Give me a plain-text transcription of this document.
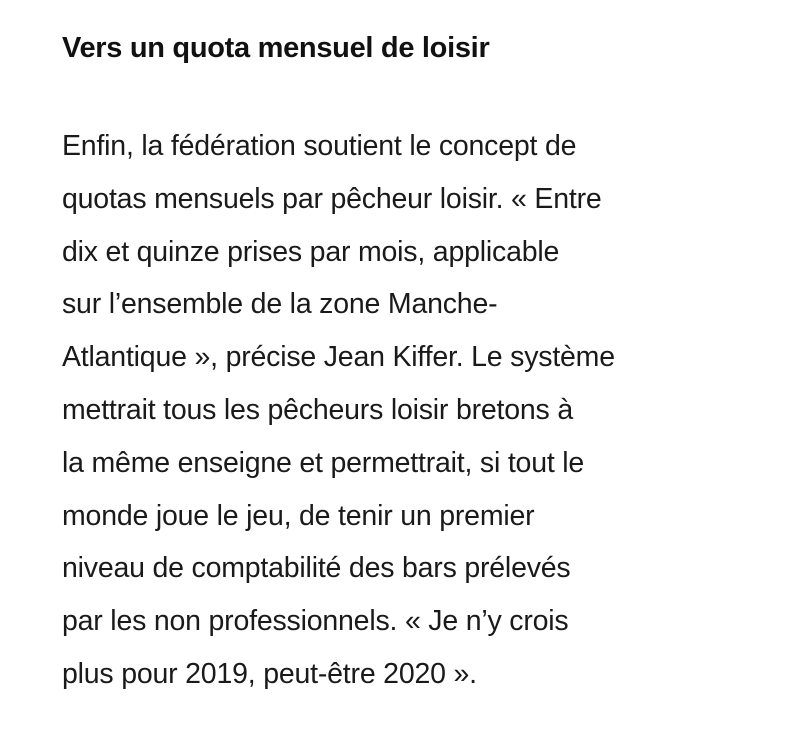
Vers un quota mensuel de loisir

Enfin, la fédération soutient le concept de
quotas mensuels par pêcheur loisir. « Entre
dix et quinze prises par mois, applicable
sur l’ensemble de la zone Manche-
Atlantique », précise Jean Kiffer. Le système
mettrait tous les pêcheurs loisir bretons à
la même enseigne et permettrait, si tout le
monde joue le jeu, de tenir un premier
niveau de comptabilité des bars prélevés
par les non professionnels. « Je n’y crois
plus pour 2019, peut-être 2020 ».
